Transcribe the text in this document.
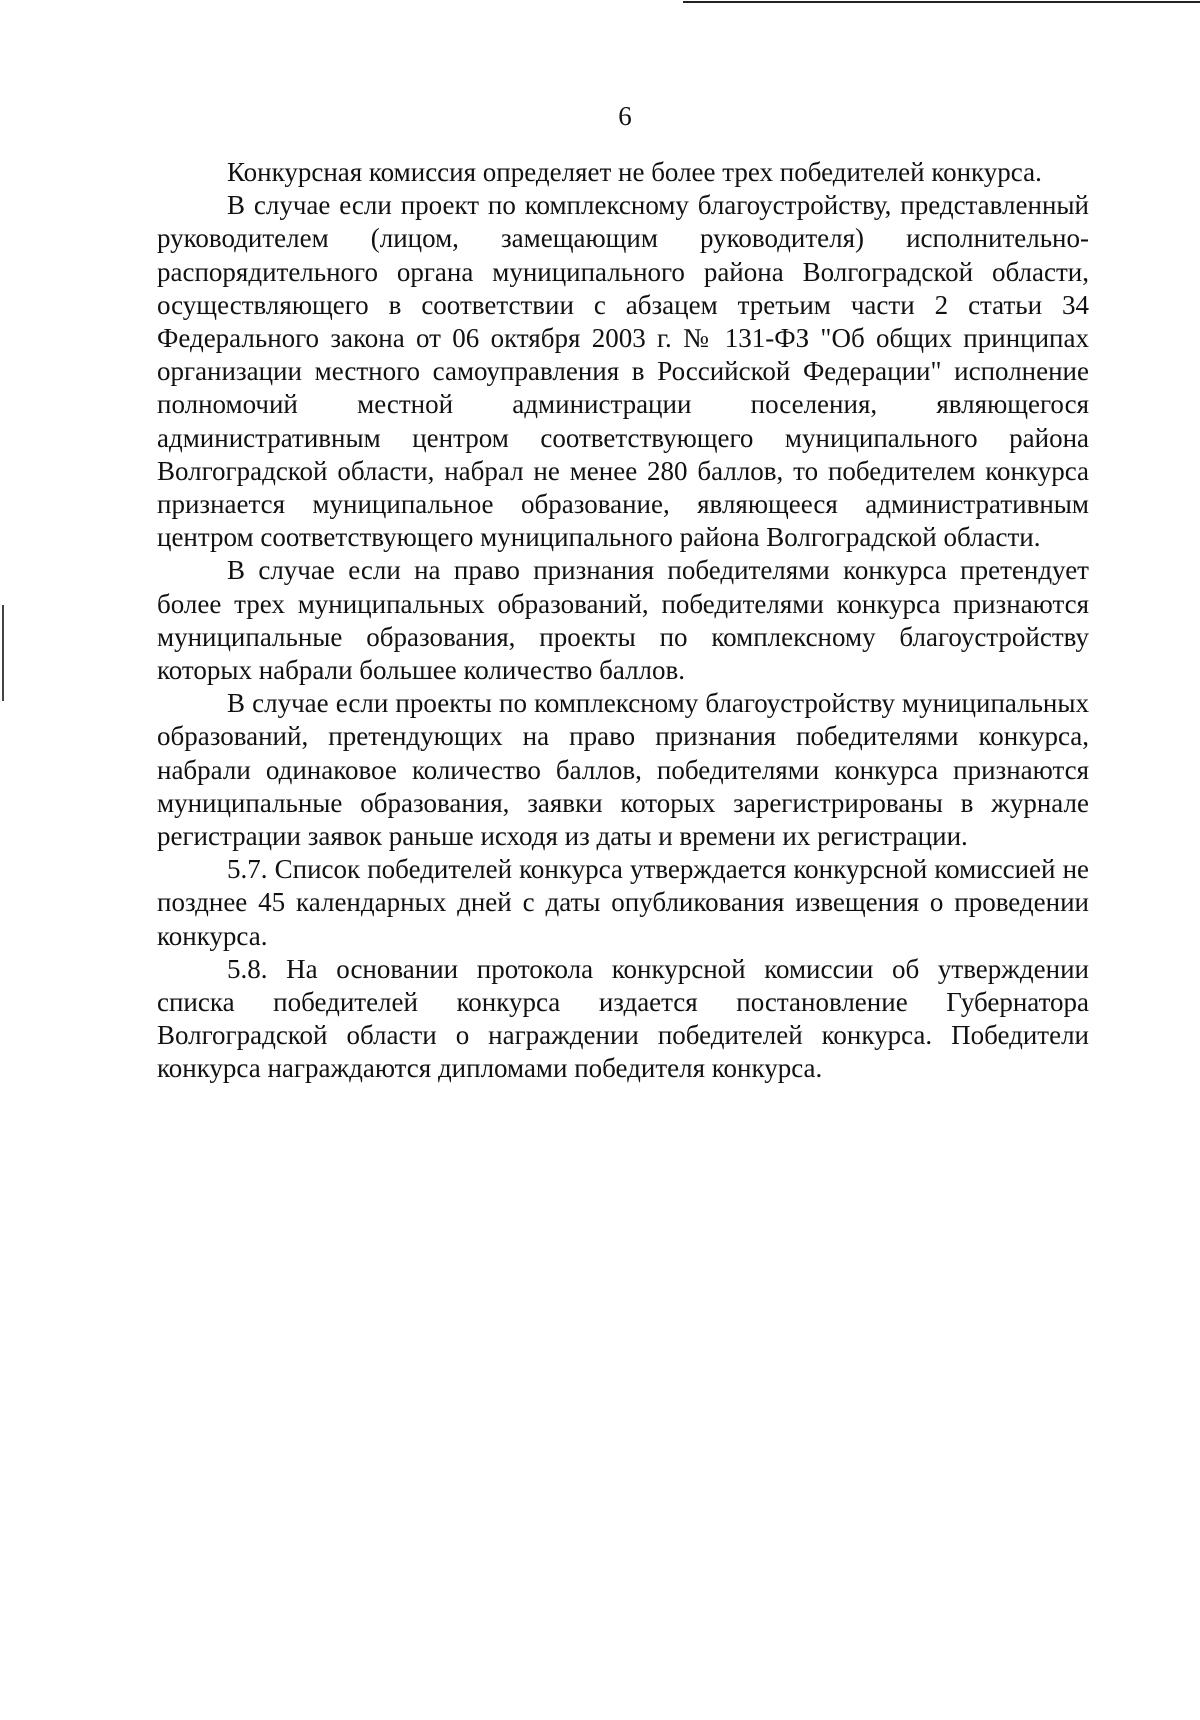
6

Конкурсная комиссия определяет не более трех победителей конкурса.

В случае если проект по комплексному благоустройству, представленный руководителем (лицом, замещающим руководителя) исполнительно-распорядительного органа муниципального района Волгоградской области, осуществляющего в соответствии с абзацем третьим части 2 статьи 34 Федерального закона от 06 октября 2003 г. № 131-ФЗ "Об общих принципах организации местного самоуправления в Российской Федерации" исполнение полномочий местной администрации поселения, являющегося административным центром соответствующего муниципального района Волгоградской области, набрал не менее 280 баллов, то победителем конкурса признается муниципальное образование, являющееся административным центром соответствующего муниципального района Волгоградской области.

В случае если на право признания победителями конкурса претендует более трех муниципальных образований, победителями конкурса признаются муниципальные образования, проекты по комплексному благоустройству которых набрали большее количество баллов.

В случае если проекты по комплексному благоустройству муниципальных образований, претендующих на право признания победителями конкурса, набрали одинаковое количество баллов, победителями конкурса признаются муниципальные образования, заявки которых зарегистрированы в журнале регистрации заявок раньше исходя из даты и времени их регистрации.

5.7. Список победителей конкурса утверждается конкурсной комиссией не позднее 45 календарных дней с даты опубликования извещения о проведении конкурса.

5.8. На основании протокола конкурсной комиссии об утверждении списка победителей конкурса издается постановление Губернатора Волгоградской области о награждении победителей конкурса. Победители конкурса награждаются дипломами победителя конкурса.
